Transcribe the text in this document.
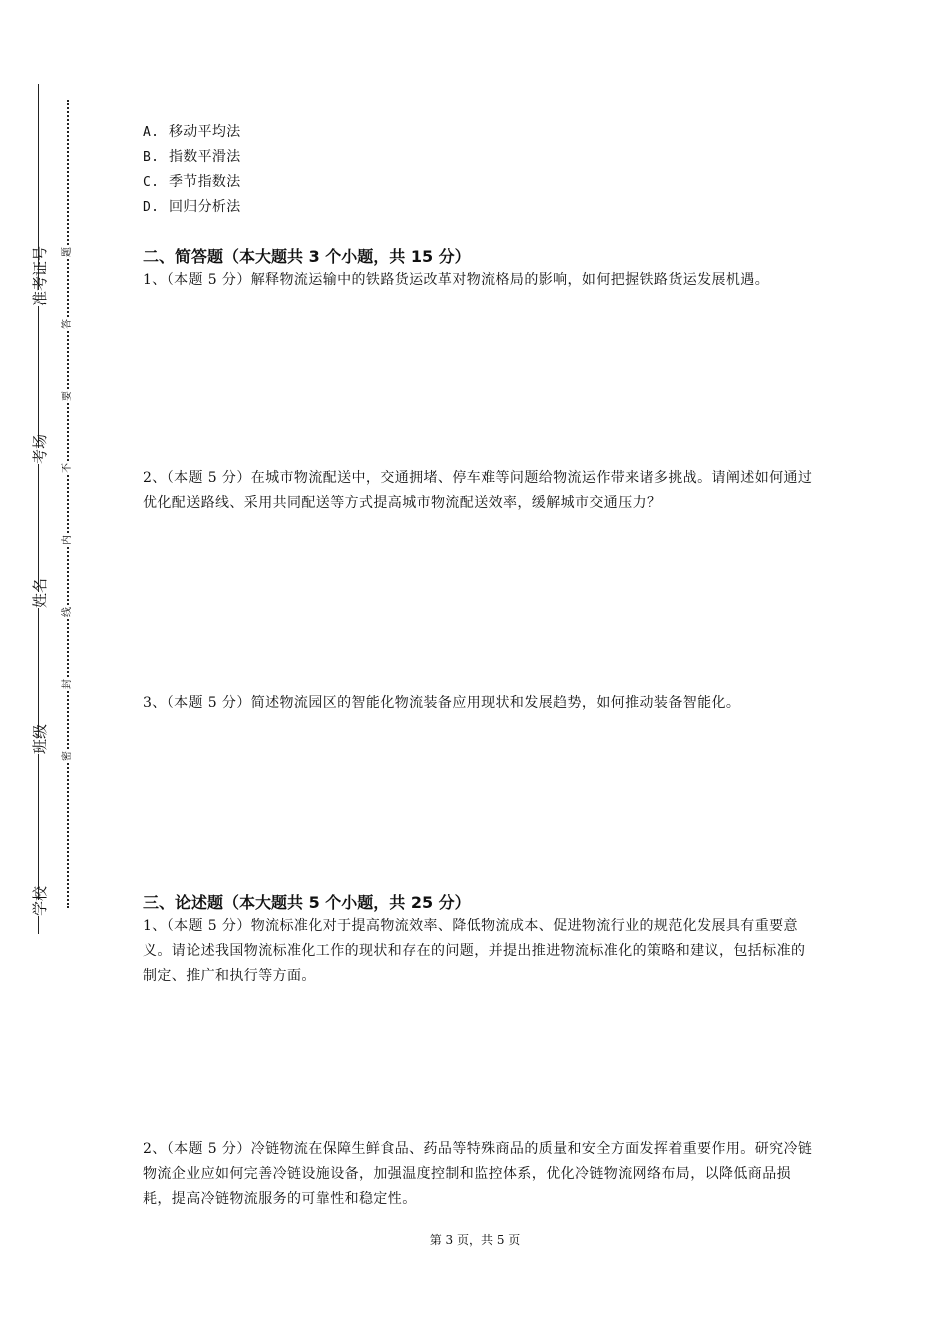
准考证号
考场
姓名
班级
学校
题
答
要
不
内
线
封
密
A. 移动平均法
B. 指数平滑法
C. 季节指数法
D. 回归分析法
二、简答题（本大题共 3 个小题，共 15 分）
1、（本题 5 分）解释物流运输中的铁路货运改革对物流格局的影响，如何把握铁路货运发展机遇。
2、（本题 5 分）在城市物流配送中，交通拥堵、停车难等问题给物流运作带来诸多挑战。请阐述如何通过优化配送路线、采用共同配送等方式提高城市物流配送效率，缓解城市交通压力？
3、（本题 5 分）简述物流园区的智能化物流装备应用现状和发展趋势，如何推动装备智能化。
三、论述题（本大题共 5 个小题，共 25 分）
1、（本题 5 分）物流标准化对于提高物流效率、降低物流成本、促进物流行业的规范化发展具有重要意义。请论述我国物流标准化工作的现状和存在的问题，并提出推进物流标准化的策略和建议，包括标准的制定、推广和执行等方面。
2、（本题 5 分）冷链物流在保障生鲜食品、药品等特殊商品的质量和安全方面发挥着重要作用。研究冷链物流企业应如何完善冷链设施设备，加强温度控制和监控体系，优化冷链物流网络布局，以降低商品损耗，提高冷链物流服务的可靠性和稳定性。
第 3 页，共 5 页
